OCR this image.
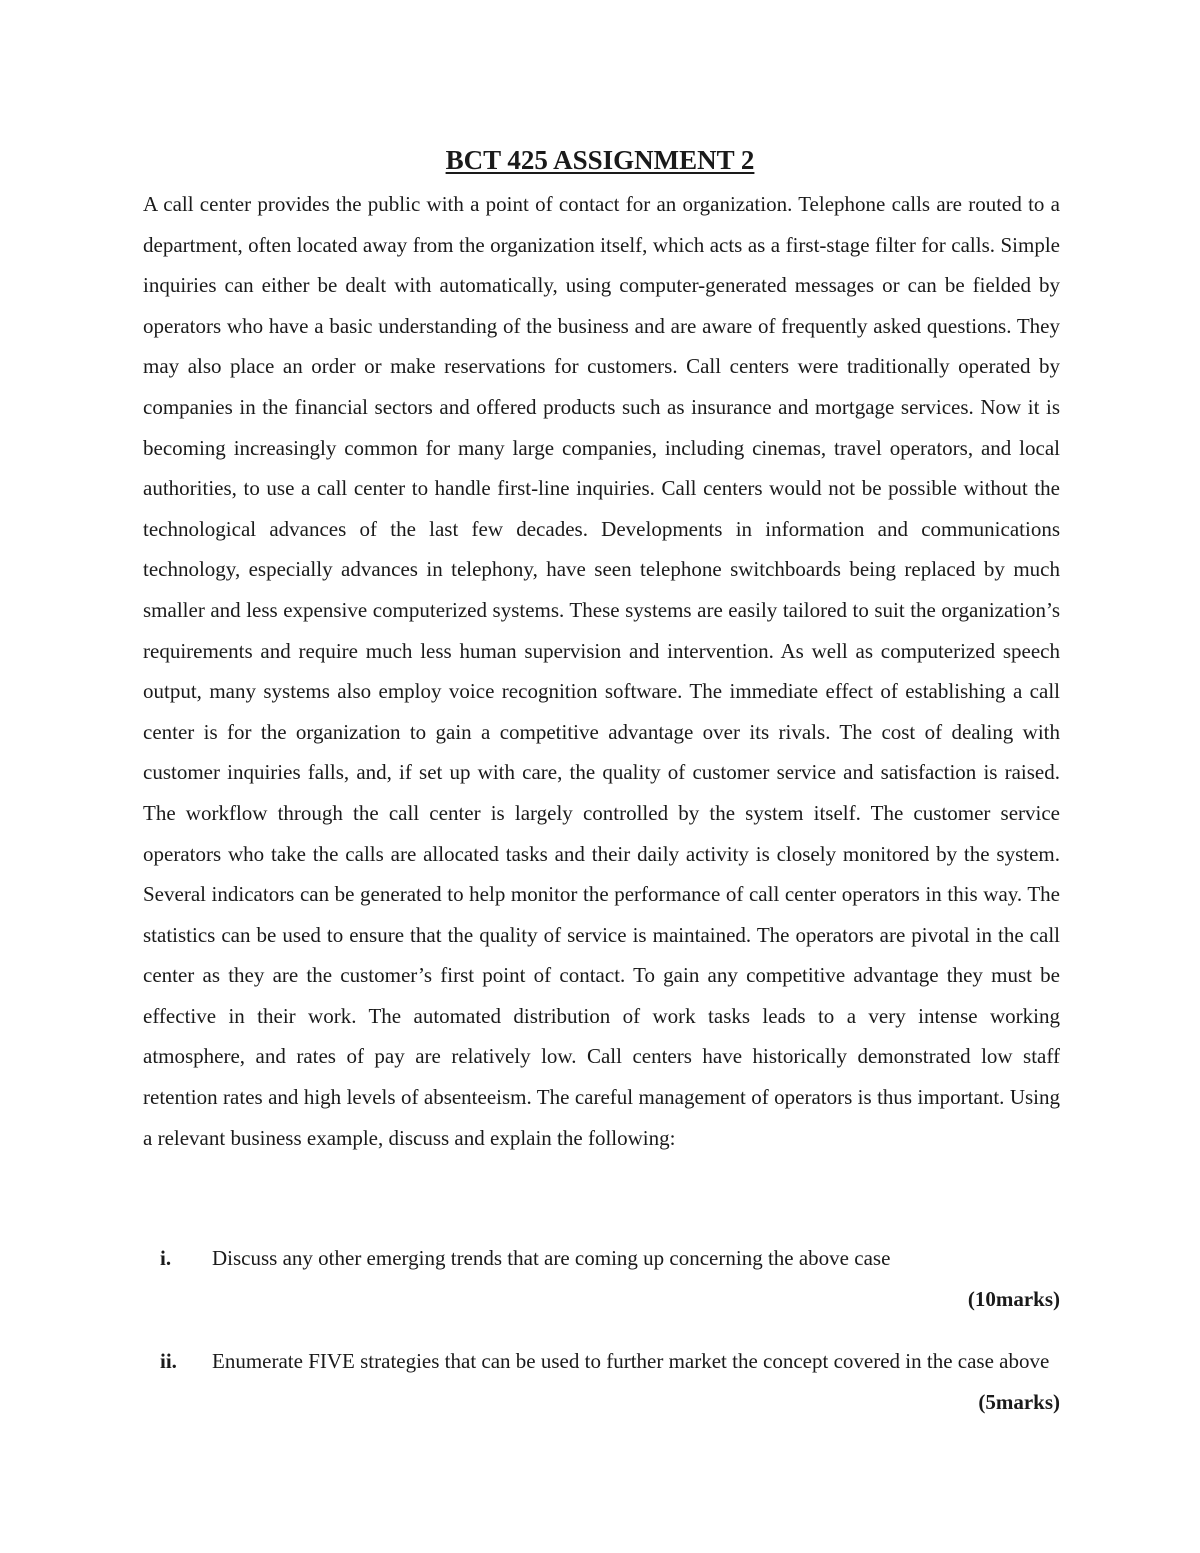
BCT 425 ASSIGNMENT 2

A call center provides the public with a point of contact for an organization. Telephone calls are routed to a department, often located away from the organization itself, which acts as a first-stage filter for calls. Simple inquiries can either be dealt with automatically, using computer-generated messages or can be fielded by operators who have a basic understanding of the business and are aware of frequently asked questions. They may also place an order or make reservations for customers. Call centers were traditionally operated by companies in the financial sectors and offered products such as insurance and mortgage services. Now it is becoming increasingly common for many large companies, including cinemas, travel operators, and local authorities, to use a call center to handle first-line inquiries. Call centers would not be possible without the technological advances of the last few decades. Developments in information and communications technology, especially advances in telephony, have seen telephone switchboards being replaced by much smaller and less expensive computerized systems. These systems are easily tailored to suit the organization’s requirements and require much less human supervision and intervention. As well as computerized speech output, many systems also employ voice recognition software. The immediate effect of establishing a call center is for the organization to gain a competitive advantage over its rivals. The cost of dealing with customer inquiries falls, and, if set up with care, the quality of customer service and satisfaction is raised. The workflow through the call center is largely controlled by the system itself. The customer service operators who take the calls are allocated tasks and their daily activity is closely monitored by the system. Several indicators can be generated to help monitor the performance of call center operators in this way. The statistics can be used to ensure that the quality of service is maintained. The operators are pivotal in the call center as they are the customer’s first point of contact. To gain any competitive advantage they must be effective in their work. The automated distribution of work tasks leads to a very intense working atmosphere, and rates of pay are relatively low. Call centers have historically demonstrated low staff retention rates and high levels of absenteeism. The careful management of operators is thus important. Using a relevant business example, discuss and explain the following:

i. Discuss any other emerging trends that are coming up concerning the above case
(10marks)
ii. Enumerate FIVE strategies that can be used to further market the concept covered in the case above
(5marks)
